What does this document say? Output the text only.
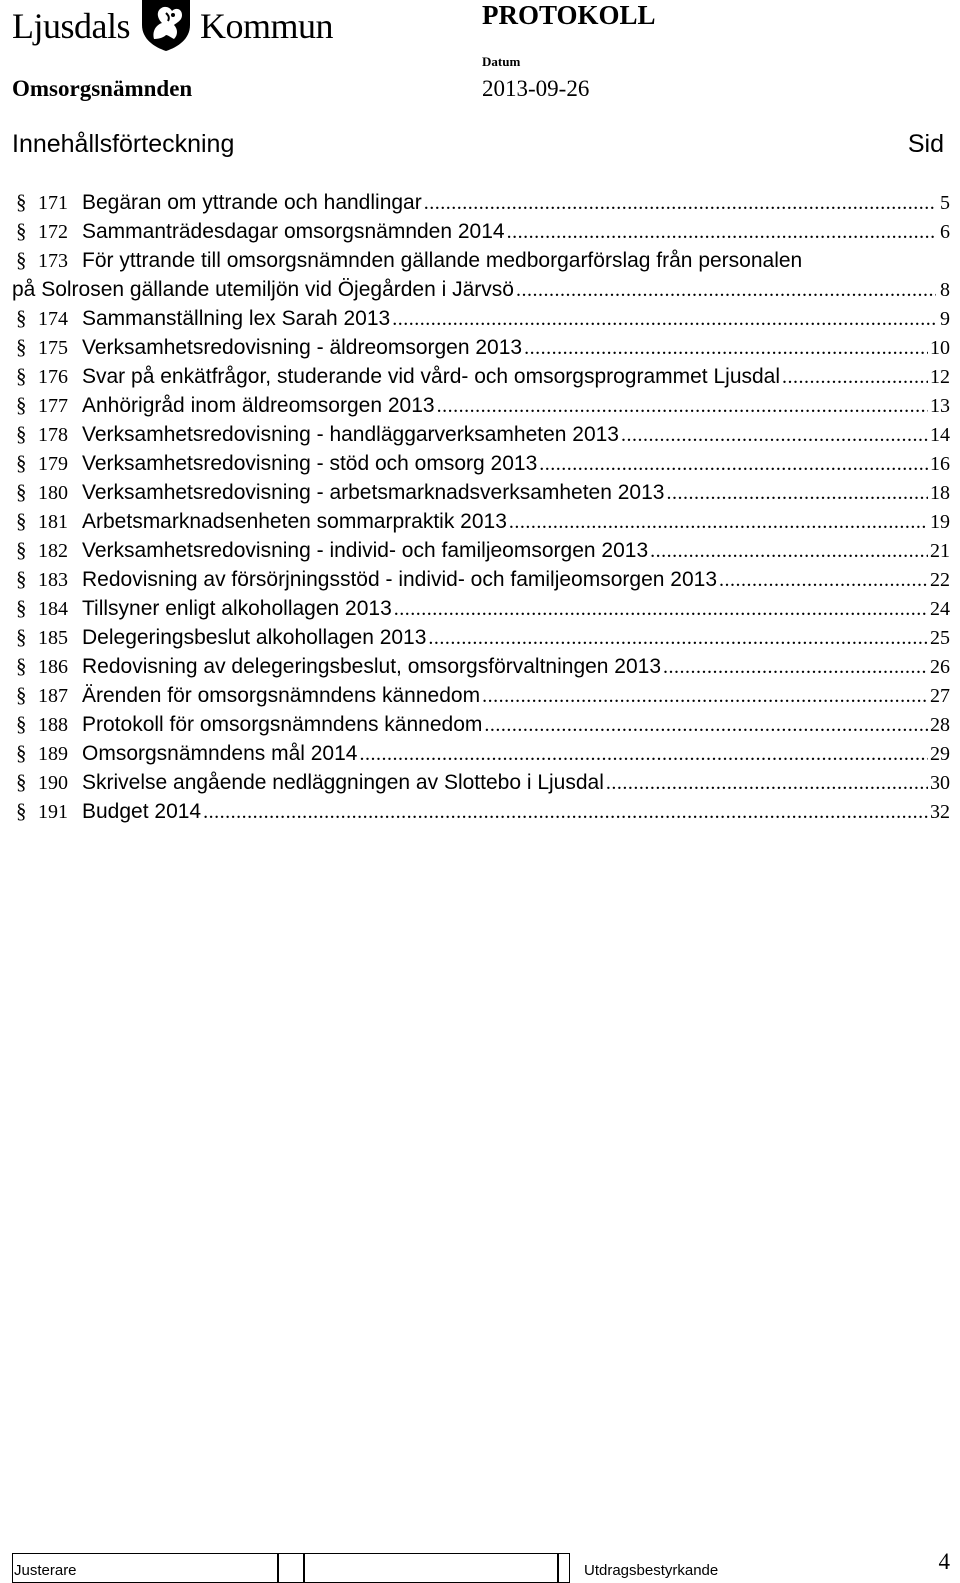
Ljusdals Kommun	PROTOKOLL
Datum
Omsorgsnämnden	2013-09-26
Innehållsförteckning	Sid
§ 171 Begäran om yttrande och handlingar .....	5
§ 172 Sammanträdesdagar omsorgsnämnden 2014 .....	6
§ 173 För yttrande till omsorgsnämnden gällande medborgarförslag från personalen
på Solrosen gällande utemiljön vid Öjegården i Järvsö .....	8
§ 174 Sammanställning lex Sarah 2013 .....	9
§ 175 Verksamhetsredovisning - äldreomsorgen 2013 .....	10
§ 176 Svar på enkätfrågor, studerande vid vård- och omsorgsprogrammet Ljusdal .....	12
§ 177 Anhörigråd inom äldreomsorgen 2013 .....	13
§ 178 Verksamhetsredovisning - handläggarverksamheten 2013 .....	14
§ 179 Verksamhetsredovisning - stöd och omsorg 2013 .....	16
§ 180 Verksamhetsredovisning - arbetsmarknadsverksamheten 2013 .....	18
§ 181 Arbetsmarknadsenheten sommarpraktik 2013 .....	19
§ 182 Verksamhetsredovisning - individ- och familjeomsorgen 2013 .....	21
§ 183 Redovisning av försörjningsstöd - individ- och familjeomsorgen 2013 .....	22
§ 184 Tillsyner enligt alkohollagen 2013 .....	24
§ 185 Delegeringsbeslut alkohollagen 2013 .....	25
§ 186 Redovisning av delegeringsbeslut, omsorgsförvaltningen 2013 .....	26
§ 187 Ärenden för omsorgsnämndens kännedom .....	27
§ 188 Protokoll för omsorgsnämndens kännedom .....	28
§ 189 Omsorgsnämndens mål 2014 .....	29
§ 190 Skrivelse angående nedläggningen av Slottebo i Ljusdal .....	30
§ 191 Budget 2014 .....	32
Justerare	Utdragsbestyrkande	4
